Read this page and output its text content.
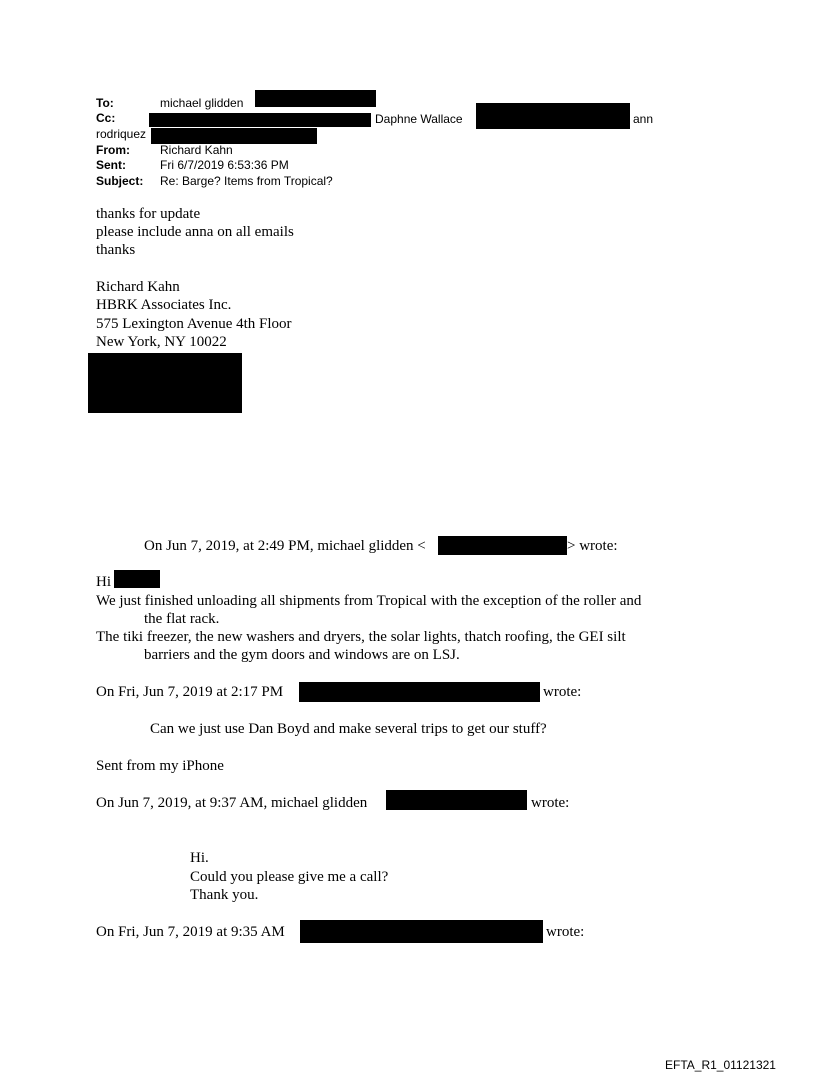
To:	michael glidden
Cc:	Daphne Wallace	ann
rodriquez
From:	Richard Kahn
Sent:	Fri 6/7/2019 6:53:36 PM
Subject: Re: Barge? Items from Tropical?
thanks for update
please include anna on all emails
thanks
Richard Kahn
HBRK Associates Inc.
575 Lexington Avenue 4th Floor
New York, NY 10022
On Jun 7, 2019, at 2:49 PM, michael glidden <	> wrote:
Hi
We just finished unloading all shipments from Tropical with the exception of the roller and
the flat rack.
The tiki freezer, the new washers and dryers, the solar lights, thatch roofing, the GEI silt
barriers and the gym doors and windows are on LSJ.
On Fri, Jun 7, 2019 at 2:17 PM	wrote:
Can we just use Dan Boyd and make several trips to get our stuff?
Sent from my iPhone
On Jun 7, 2019, at 9:37 AM, michael glidden	wrote:
Hi.
Could you please give me a call?
Thank you.
On Fri, Jun 7, 2019 at 9:35 AM	wrote:
EFTA_R1_01121321
